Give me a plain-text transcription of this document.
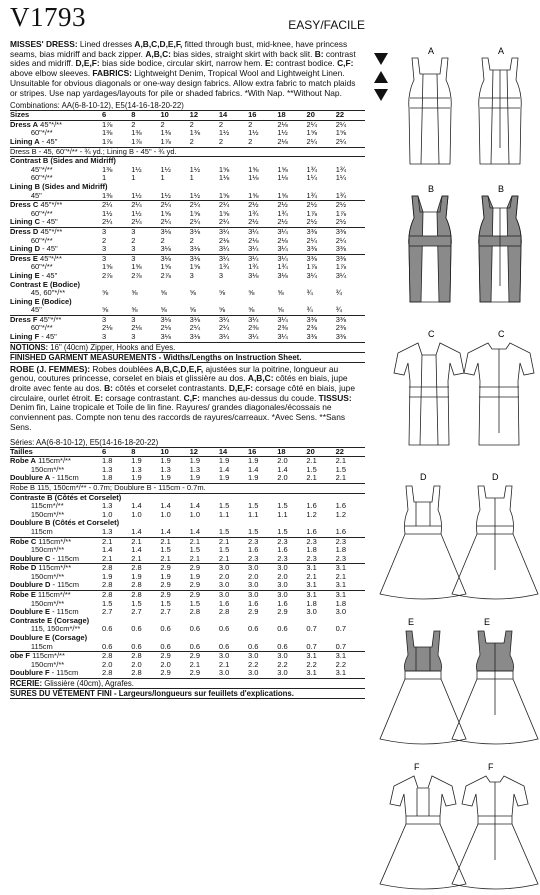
V1793	EASY/FACILE

MISSES' DRESS: Lined dresses A,B,C,D,E,F, fitted through bust, mid-knee, have princess seams, bias midriff and back zipper. A,B,C: bias sides, straight skirt with back slit. B: contrast sides and midriff. D,E,F: bias side bodice, circular skirt, narrow hem. E: contrast bodice. C,F: above elbow sleeves. FABRICS: Lightweight Denim, Tropical Wool and Lightweight Linen. Unsuitable for obvious diagonals or one-way design fabrics. Allow extra fabric to match plaids or stripes. Use nap yardages/layouts for pile or shaded fabrics. *With Nap. **Without Nap.

Combinations: AA(6-8-10-12), E5(14-16-18-20-22)
Sizes	6	8	10	12	14	16	18	20	22
Dress A 45"*/**	1⅞	2	2	2	2	2	2⅛	2¼	2¼
60"*/**	1⅜	1⅜	1⅜	1⅜	1½	1½	1½	1⅝	1⅝
Lining A - 45"	1⅞	1⅞	1⅞	2	2	2	2⅛	2¼	2¼
Dress B - 45, 60"*/** - ¾ yd.; Lining B - 45" - ¾ yd.									
Contrast B (Sides and Midriff)									
45"*/**	1⅜	1½	1½	1½	1⅝	1⅝	1⅝	1¾	1¾
60"*/**	1	1	1	1	1⅛	1⅛	1⅛	1¼	1¼
Lining B (Sides and Midriff)									
45"	1⅜	1½	1½	1½	1⅝	1⅝	1⅝	1¾	1¾
Dress C 45"*/**	2¼	2¼	2¼	2¼	2¼	2½	2½	2½	2½
60"*/**	1½	1½	1⅝	1⅝	1⅝	1¾	1¾	1⅞	1⅞
Lining C - 45"	2¼	2¼	2¼	2¼	2¼	2½	2½	2½	2½
Dress D 45"*/**	3	3	3⅛	3⅛	3¼	3¼	3¼	3⅜	3⅜
60"*/**	2	2	2	2	2⅛	2⅛	2⅛	2¼	2¼
Lining D - 45"	3	3	3⅛	3⅛	3¼	3¼	3¼	3⅜	3⅜
Dress E 45"*/**	3	3	3⅛	3⅛	3¼	3¼	3¼	3⅜	3⅜
60"*/**	1⅝	1⅝	1⅝	1⅝	1¾	1¾	1¾	1⅞	1⅞
Lining E - 45"	2⅞	2⅞	2⅞	3	3	3⅛	3⅛	3¼	3¼
Contrast E (Bodice)									
45, 60"*/**	⅝	⅝	⅝	⅝	⅝	⅝	⅝	¾	¾
Lining E (Bodice)									
45"	⅝	⅝	⅝	⅝	⅝	⅝	⅝	¾	¾
Dress F 45"*/**	3	3	3⅛	3⅛	3¼	3¼	3¼	3⅜	3⅜
60"*/**	2⅛	2⅛	2⅛	2¼	2¼	2⅜	2⅜	2⅜	2⅜
Lining F - 45"	3	3	3⅛	3⅛	3¼	3¼	3¼	3⅜	3⅜
NOTIONS: 16" (40cm) Zipper, Hooks and Eyes.
FINISHED GARMENT MEASUREMENTS - Widths/Lengths on Instruction Sheet.

ROBE (J. FEMMES): Robes doublées A,B,C,D,E,F, ajustées sur la poitrine, longueur au genou, coutures princesse, corselet en biais et glissière au dos. A,B,C: côtés en biais, jupe droite avec fente au dos. B: côtés et corselet contrastants. D,E,F: corsage côté en biais, jupe circulaire, ourlet étroit. E: corsage contrastant. C,F: manches au-dessus du coude. TISSUS: Denim fin, Laine tropicale et Toile de lin fine. Rayures/ grandes diagonales/écossais ne conviennent pas. Compte non tenu des raccords de rayures/carreaux. *Avec Sens. **Sans Sens.

Séries: AA(6-8-10-12), E5(14-16-18-20-22)
Tailles	6	8	10	12	14	16	18	20	22
Robe A 115cm*/**	1.8	1.9	1.9	1.9	1.9	1.9	2.0	2.1	2.1
150cm*/**	1.3	1.3	1.3	1.3	1.4	1.4	1.4	1.5	1.5
Doublure A - 115cm	1.8	1.9	1.9	1.9	1.9	1.9	2.0	2.1	2.1
Robe B 115, 150cm*/** - 0.7m; Doublure B - 115cm - 0.7m.									
Contraste B (Côtés et Corselet)									
115cm*/**	1.3	1.4	1.4	1.4	1.5	1.5	1.5	1.6	1.6
150cm*/**	1.0	1.0	1.0	1.0	1.1	1.1	1.1	1.2	1.2
Doublure B (Côtés et Corselet)									
115cm	1.3	1.4	1.4	1.4	1.5	1.5	1.5	1.6	1.6
Robe C 115cm*/**	2.1	2.1	2.1	2.1	2.1	2.3	2.3	2.3	2.3
150cm*/**	1.4	1.4	1.5	1.5	1.5	1.6	1.6	1.8	1.8
Doublure C - 115cm	2.1	2.1	2.1	2.1	2.1	2.3	2.3	2.3	2.3
Robe D 115cm*/**	2.8	2.8	2.9	2.9	3.0	3.0	3.0	3.1	3.1
150cm*/**	1.9	1.9	1.9	1.9	2.0	2.0	2.0	2.1	2.1
Doublure D - 115cm	2.8	2.8	2.9	2.9	3.0	3.0	3.0	3.1	3.1
Robe E 115cm*/**	2.8	2.8	2.9	2.9	3.0	3.0	3.0	3.1	3.1
150cm*/**	1.5	1.5	1.5	1.5	1.6	1.6	1.6	1.8	1.8
Doublure E - 115cm	2.7	2.7	2.7	2.8	2.8	2.9	2.9	3.0	3.0
Contraste E (Corsage)									
115, 150cm*/**	0.6	0.6	0.6	0.6	0.6	0.6	0.6	0.7	0.7
Doublure E (Corsage)									
115cm	0.6	0.6	0.6	0.6	0.6	0.6	0.6	0.7	0.7
obe F 115cm*/**	2.8	2.8	2.9	2.9	3.0	3.0	3.0	3.1	3.1
150cm*/**	2.0	2.0	2.0	2.1	2.1	2.2	2.2	2.2	2.2
Doublure F - 115cm	2.8	2.8	2.9	2.9	3.0	3.0	3.0	3.1	3.1
RCERIE: Glissière (40cm), Agrafes.
SURES DU VÊTEMENT FINI - Largeurs/longueurs sur feuillets d'explications.
A	A
B	B
C	C
D	D
E	E
F	F
